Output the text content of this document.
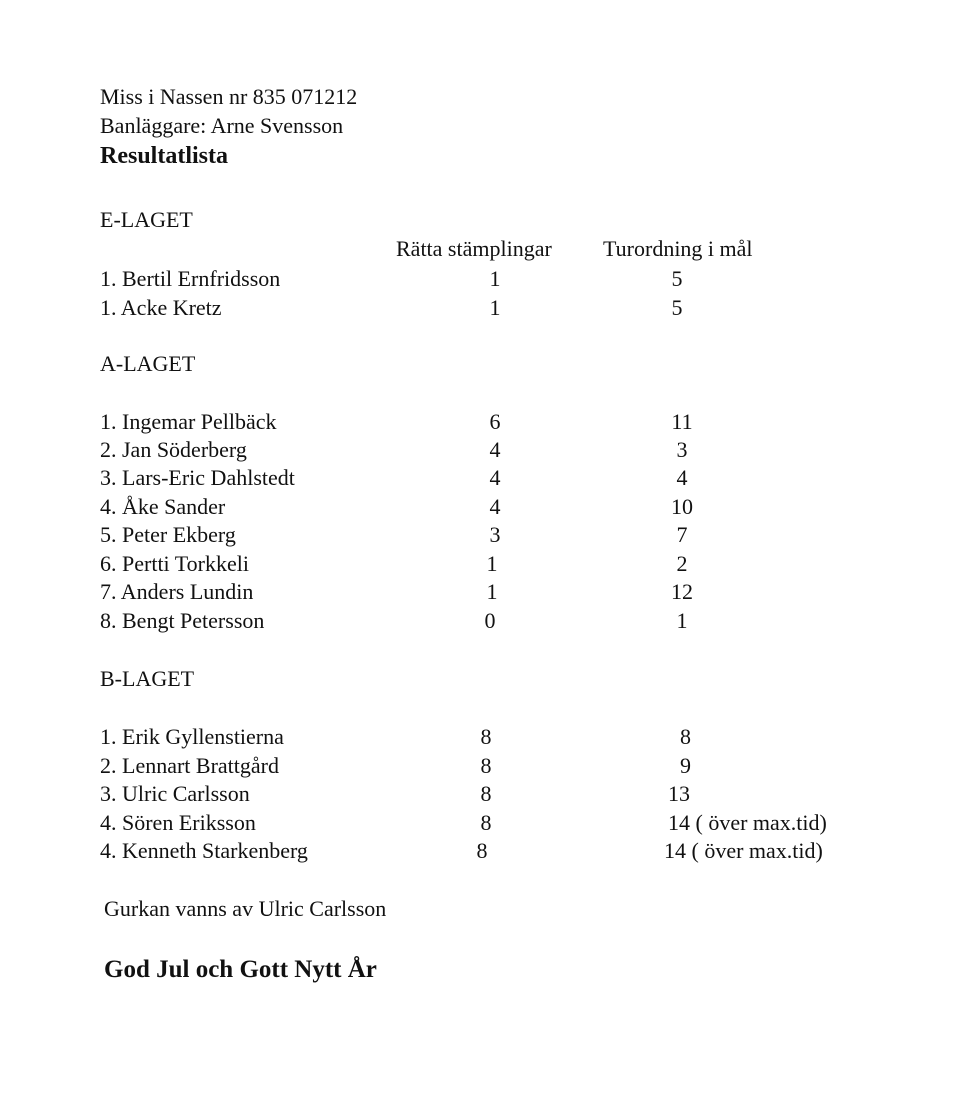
Miss i Nassen nr 835 071212
Banläggare: Arne Svensson
Resultatlista
E-LAGET
Rätta stämplingar Turordning i mål
1. Bertil Ernfridsson	1	5
1. Acke Kretz	1	5
A-LAGET
1. Ingemar Pellbäck	6	11
2. Jan Söderberg	4	3
3. Lars-Eric Dahlstedt	4	4
4. Åke Sander	4	10
5. Peter Ekberg	3	7
6. Pertti Torkkeli	1	2
7. Anders Lundin	1	12
8. Bengt Petersson	0	1
B-LAGET
1. Erik Gyllenstierna	8	8
2. Lennart Brattgård	8	9
3. Ulric Carlsson	8	13
4. Sören Eriksson	8	14 ( över max.tid)
4. Kenneth Starkenberg	8	14 ( över max.tid)
Gurkan vanns av Ulric Carlsson
God Jul och Gott Nytt År
